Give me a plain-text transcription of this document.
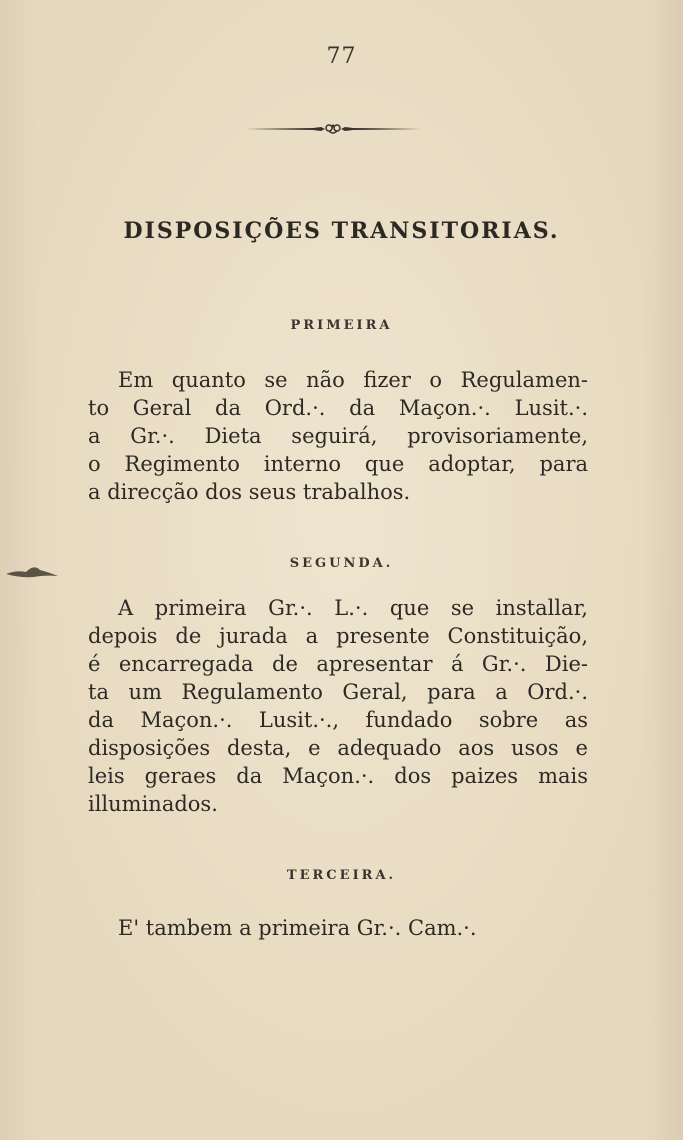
77
DISPOSIÇÕES TRANSITORIAS.
PRIMEIRA
Em quanto se não fizer o Regulamen-
to Geral da Ord.·. da Maçon.·. Lusit.·.
a Gr.·. Dieta seguirá, provisoriamente,
o Regimento interno que adoptar, para
a direcção dos seus trabalhos.
SEGUNDA.
A primeira Gr.·. L.·. que se installar,
depois de jurada a presente Constituição,
é encarregada de apresentar á Gr.·. Die-
ta um Regulamento Geral, para a Ord.·.
da Maçon.·. Lusit.·., fundado sobre as
disposições desta, e adequado aos usos e
leis geraes da Maçon.·. dos paizes mais
illuminados.
TERCEIRA.
E' tambem a primeira Gr.·. Cam.·.
